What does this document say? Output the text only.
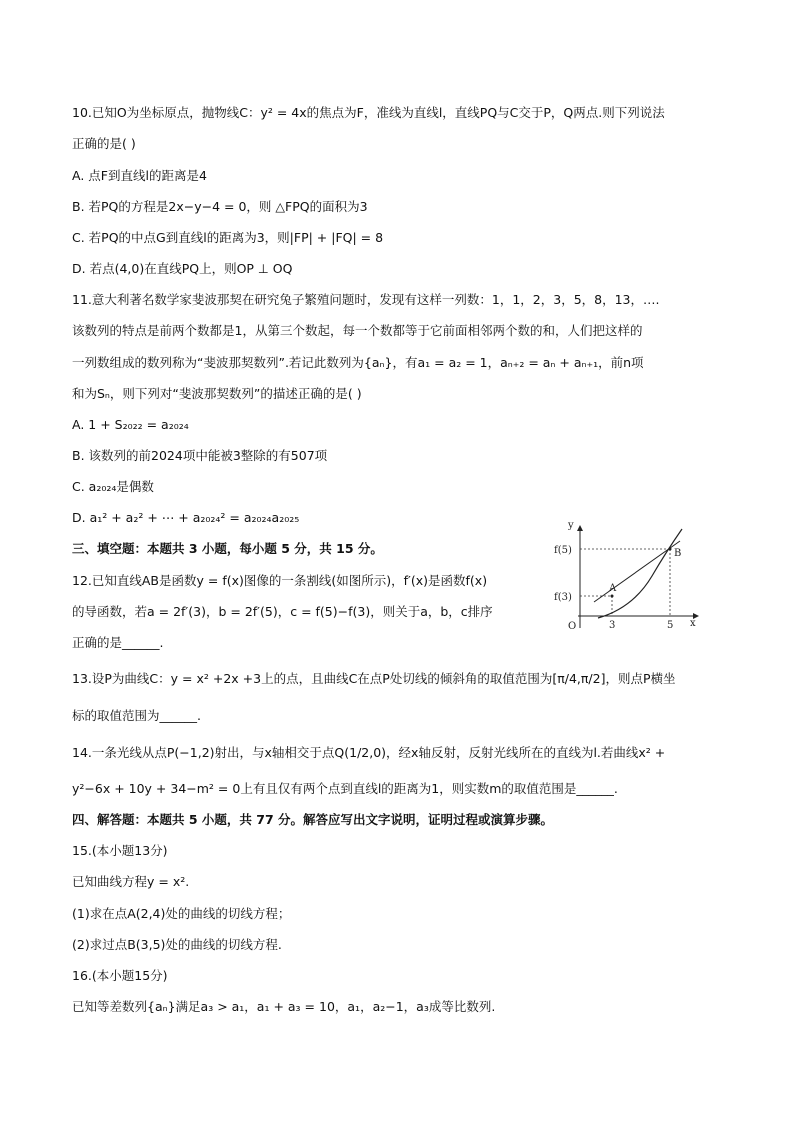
10.已知O为坐标原点，抛物线C：y² = 4x的焦点为F，准线为直线l，直线PQ与C交于P，Q两点.则下列说法
正确的是( )
A. 点F到直线l的距离是4
B. 若PQ的方程是2x−y−4 = 0，则 △FPQ的面积为3
C. 若PQ的中点G到直线l的距离为3，则|FP| + |FQ| = 8
D. 若点(4,0)在直线PQ上，则OP ⊥ OQ
11.意大利著名数学家斐波那契在研究兔子繁殖问题时，发现有这样一列数：1，1，2，3，5，8，13，….
该数列的特点是前两个数都是1，从第三个数起，每一个数都等于它前面相邻两个数的和，人们把这样的
一列数组成的数列称为“斐波那契数列”.若记此数列为{aₙ}，有a₁ = a₂ = 1，aₙ₊₂ = aₙ + aₙ₊₁，前n项
和为Sₙ，则下列对“斐波那契数列”的描述正确的是( )
A. 1 + S₂₀₂₂ = a₂₀₂₄
B. 该数列的前2024项中能被3整除的有507项
C. a₂₀₂₄是偶数
D. a₁² + a₂² + ⋯ + a₂₀₂₄² = a₂₀₂₄a₂₀₂₅
三、填空题：本题共 3 小题，每小题 5 分，共 15 分。
12.已知直线AB是函数y = f(x)图像的一条割线(如图所示)，f′(x)是函数f(x)
的导函数，若a = 2f′(3)，b = 2f′(5)，c = f(5)−f(3)，则关于a，b，c排序
正确的是______.
13.设P为曲线C：y = x² +2x +3上的点，且曲线C在点P处切线的倾斜角的取值范围为[π/4,π/2]，则点P横坐
标的取值范围为______.
14.一条光线从点P(−1,2)射出，与x轴相交于点Q(1/2,0)，经x轴反射，反射光线所在的直线为l.若曲线x² +
y²−6x + 10y + 34−m² = 0上有且仅有两个点到直线l的距离为1，则实数m的取值范围是______.
四、解答题：本题共 5 小题，共 77 分。解答应写出文字说明，证明过程或演算步骤。
15.(本小题13分)
已知曲线方程y = x².
(1)求在点A(2,4)处的曲线的切线方程；
(2)求过点B(3,5)处的曲线的切线方程.
16.(本小题15分)
已知等差数列{aₙ}满足a₃ > a₁，a₁ + a₃ = 10，a₁，a₂−1，a₃成等比数列.
y
x
O
f(5)
f(3)
3	5
A
B
